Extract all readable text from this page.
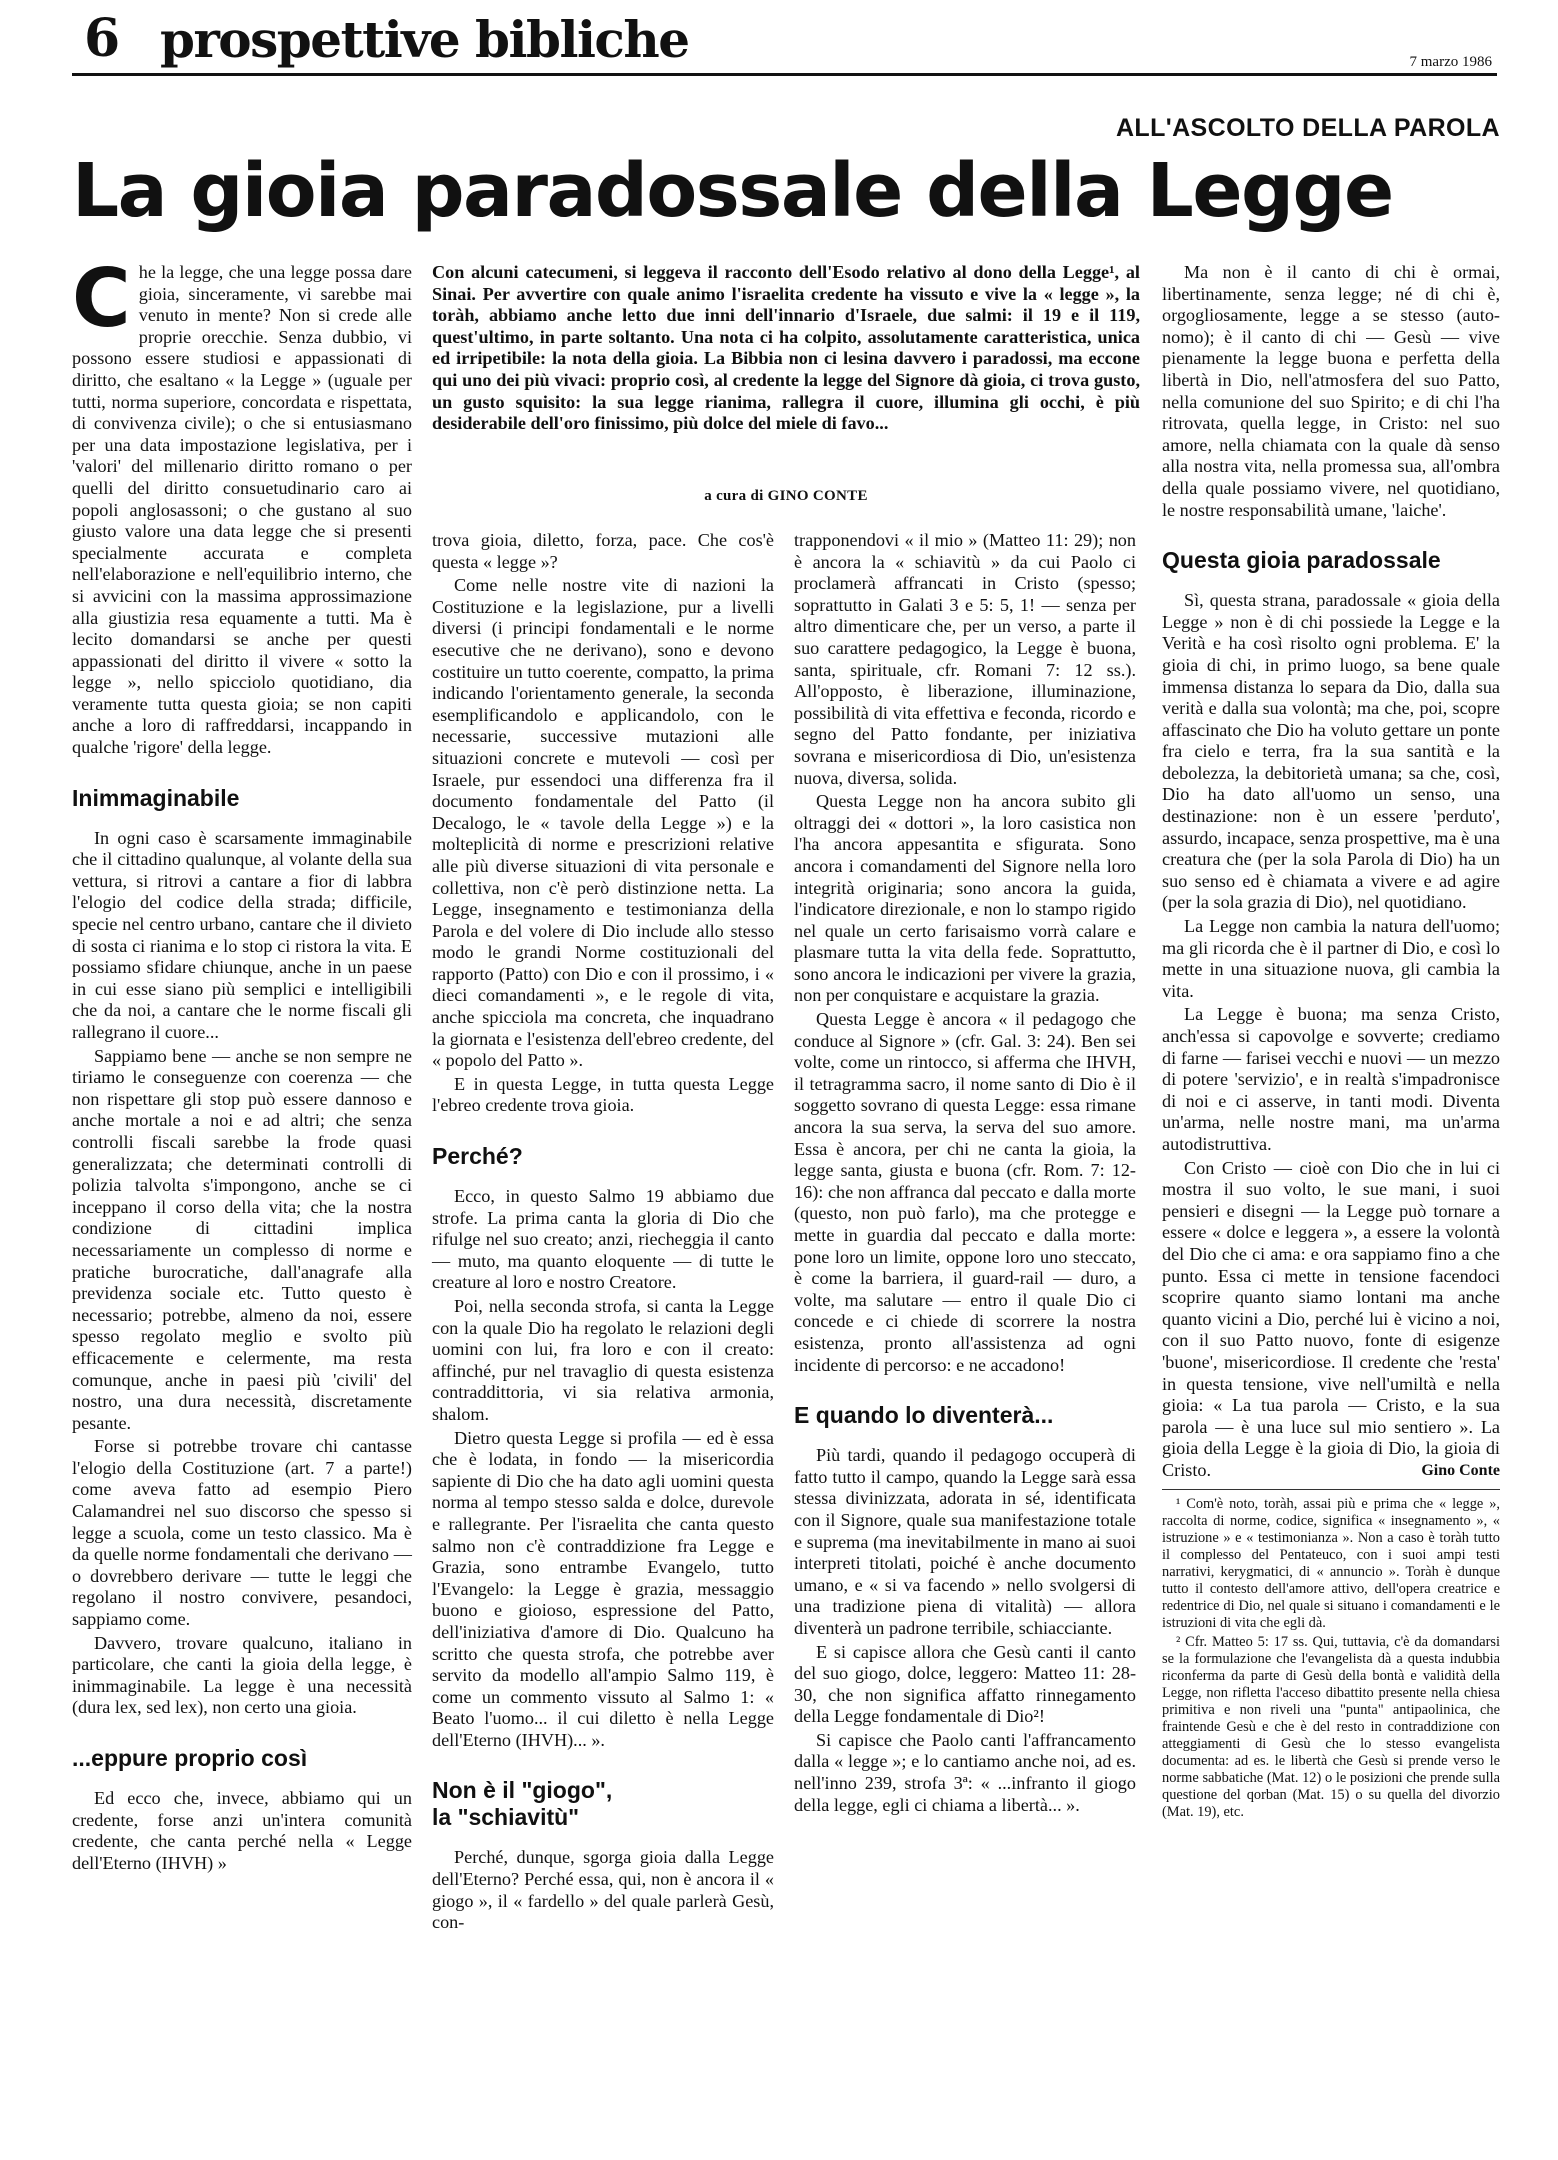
6 prospettive bibliche	7 marzo 1986
ALL'ASCOLTO DELLA PAROLA
La gioia paradossale della Legge

Che la legge, che una legge possa dare gioia, sinceramente, vi sarebbe mai venuto in mente? Non si crede alle proprie orecchie. Senza dubbio, vi possono essere studiosi e appassionati di diritto, che esaltano « la Legge » (uguale per tutti, norma superiore, concordata e rispettata, di convivenza civile); o che si entusiasmano per una data impostazione legislativa, per i 'valori' del millenario diritto romano o per quelli del diritto consuetudinario caro ai popoli anglosassoni; o che gustano al suo giusto valore una data legge che si presenti specialmente accurata e completa nell'elaborazione e nell'equilibrio interno, che si avvicini con la massima approssimazione alla giustizia resa equamente a tutti. Ma è lecito domandarsi se anche per questi appassionati del diritto il vivere « sotto la legge », nello spicciolo quotidiano, dia veramente tutta questa gioia; se non capiti anche a loro di raffreddarsi, incappando in qualche 'rigore' della legge.

Inimmaginabile

In ogni caso è scarsamente immaginabile che il cittadino qualunque, al volante della sua vettura, si ritrovi a cantare a fior di labbra l'elogio del codice della strada; difficile, specie nel centro urbano, cantare che il divieto di sosta ci rianima e lo stop ci ristora la vita. E possiamo sfidare chiunque, anche in un paese in cui esse siano più semplici e intelligibili che da noi, a cantare che le norme fiscali gli rallegrano il cuore...

Sappiamo bene — anche se non sempre ne tiriamo le conseguenze con coerenza — che non rispettare gli stop può essere dannoso e anche mortale a noi e ad altri; che senza controlli fiscali sarebbe la frode quasi generalizzata; che determinati controlli di polizia talvolta s'impongono, anche se ci inceppano il corso della vita; che la nostra condizione di cittadini implica necessariamente un complesso di norme e pratiche burocratiche, dall'anagrafe alla previdenza sociale etc. Tutto questo è necessario; potrebbe, almeno da noi, essere spesso regolato meglio e svolto più efficacemente e celermente, ma resta comunque, anche in paesi più 'civili' del nostro, una dura necessità, discretamente pesante.

Forse si potrebbe trovare chi cantasse l'elogio della Costituzione (art. 7 a parte!) come aveva fatto ad esempio Piero Calamandrei nel suo discorso che spesso si legge a scuola, come un testo classico. Ma è da quelle norme fondamentali che derivano — o dovrebbero derivare — tutte le leggi che regolano il nostro convivere, pesandoci, sappiamo come.

Davvero, trovare qualcuno, italiano in particolare, che canti la gioia della legge, è inimmaginabile. La legge è una necessità (dura lex, sed lex), non certo una gioia.

...eppure proprio così

Ed ecco che, invece, abbiamo qui un credente, forse anzi un'intera comunità credente, che canta perché nella « Legge dell'Eterno (IHVH) »

Con alcuni catecumeni, si leggeva il racconto dell'Esodo relativo al dono della Legge¹, al Sinai. Per avvertire con quale animo l'israelita credente ha vissuto e vive la « legge », la toràh, abbiamo anche letto due inni dell'innario d'Israele, due salmi: il 19 e il 119, quest'ultimo, in parte soltanto. Una nota ci ha colpito, assolutamente caratteristica, unica ed irripetibile: la nota della gioia. La Bibbia non ci lesina davvero i paradossi, ma eccone qui uno dei più vivaci: proprio così, al credente la legge del Signore dà gioia, ci trova gusto, un gusto squisito: la sua legge rianima, rallegra il cuore, illumina gli occhi, è più desiderabile dell'oro finissimo, più dolce del miele di favo...

a cura di GINO CONTE

trova gioia, diletto, forza, pace. Che cos'è questa « legge »?

Come nelle nostre vite di nazioni la Costituzione e la legislazione, pur a livelli diversi (i principi fondamentali e le norme esecutive che ne derivano), sono e devono costituire un tutto coerente, compatto, la prima indicando l'orientamento generale, la seconda esemplificandolo e applicandolo, con le necessarie, successive mutazioni alle situazioni concrete e mutevoli — così per Israele, pur essendoci una differenza fra il documento fondamentale del Patto (il Decalogo, le « tavole della Legge ») e la molteplicità di norme e prescrizioni relative alle più diverse situazioni di vita personale e collettiva, non c'è però distinzione netta. La Legge, insegnamento e testimonianza della Parola e del volere di Dio include allo stesso modo le grandi Norme costituzionali del rapporto (Patto) con Dio e con il prossimo, i « dieci comandamenti », e le regole di vita, anche spicciola ma concreta, che inquadrano la giornata e l'esistenza dell'ebreo credente, del « popolo del Patto ».

E in questa Legge, in tutta questa Legge l'ebreo credente trova gioia.

Perché?

Ecco, in questo Salmo 19 abbiamo due strofe. La prima canta la gloria di Dio che rifulge nel suo creato; anzi, riecheggia il canto — muto, ma quanto eloquente — di tutte le creature al loro e nostro Creatore.

Poi, nella seconda strofa, si canta la Legge con la quale Dio ha regolato le relazioni degli uomini con lui, fra loro e con il creato: affinché, pur nel travaglio di questa esistenza contraddittoria, vi sia relativa armonia, shalom.

Dietro questa Legge si profila — ed è essa che è lodata, in fondo — la misericordia sapiente di Dio che ha dato agli uomini questa norma al tempo stesso salda e dolce, durevole e rallegrante. Per l'israelita che canta questo salmo non c'è contraddizione fra Legge e Grazia, sono entrambe Evangelo, tutto l'Evangelo: la Legge è grazia, messaggio buono e gioioso, espressione del Patto, dell'iniziativa d'amore di Dio. Qualcuno ha scritto che questa strofa, che potrebbe aver servito da modello all'ampio Salmo 119, è come un commento vissuto al Salmo 1: « Beato l'uomo... il cui diletto è nella Legge dell'Eterno (IHVH)... ».

Non è il "giogo",
la "schiavitù"

Perché, dunque, sgorga gioia dalla Legge dell'Eterno? Perché essa, qui, non è ancora il « giogo », il « fardello » del quale parlerà Gesù, con-

trapponendovi « il mio » (Matteo 11: 29); non è ancora la « schiavitù » da cui Paolo ci proclamerà affrancati in Cristo (spesso; soprattutto in Galati 3 e 5: 5, 1! — senza per altro dimenticare che, per un verso, a parte il suo carattere pedagogico, la Legge è buona, santa, spirituale, cfr. Romani 7: 12 ss.). All'opposto, è liberazione, illuminazione, possibilità di vita effettiva e feconda, ricordo e segno del Patto fondante, per iniziativa sovrana e misericordiosa di Dio, un'esistenza nuova, diversa, solida.

Questa Legge non ha ancora subito gli oltraggi dei « dottori », la loro casistica non l'ha ancora appesantita e sfigurata. Sono ancora i comandamenti del Signore nella loro integrità originaria; sono ancora la guida, l'indicatore direzionale, e non lo stampo rigido nel quale un certo farisaismo vorrà calare e plasmare tutta la vita della fede. Soprattutto, sono ancora le indicazioni per vivere la grazia, non per conquistare e acquistare la grazia.

Questa Legge è ancora « il pedagogo che conduce al Signore » (cfr. Gal. 3: 24). Ben sei volte, come un rintocco, si afferma che IHVH, il tetragramma sacro, il nome santo di Dio è il soggetto sovrano di questa Legge: essa rimane ancora la sua serva, la serva del suo amore. Essa è ancora, per chi ne canta la gioia, la legge santa, giusta e buona (cfr. Rom. 7: 12-16): che non affranca dal peccato e dalla morte (questo, non può farlo), ma che protegge e mette in guardia dal peccato e dalla morte: pone loro un limite, oppone loro uno steccato, è come la barriera, il guard-rail — duro, a volte, ma salutare — entro il quale Dio ci concede e ci chiede di scorrere la nostra esistenza, pronto all'assistenza ad ogni incidente di percorso: e ne accadono!

E quando lo diventerà...

Più tardi, quando il pedagogo occuperà di fatto tutto il campo, quando la Legge sarà essa stessa divinizzata, adorata in sé, identificata con il Signore, quale sua manifestazione totale e suprema (ma inevitabilmente in mano ai suoi interpreti titolati, poiché è anche documento umano, e « si va facendo » nello svolgersi di una tradizione piena di vitalità) — allora diventerà un padrone terribile, schiacciante.

E si capisce allora che Gesù canti il canto del suo giogo, dolce, leggero: Matteo 11: 28-30, che non significa affatto rinnegamento della Legge fondamentale di Dio²!

Si capisce che Paolo canti l'affrancamento dalla « legge »; e lo cantiamo anche noi, ad es. nell'inno 239, strofa 3ª: « ...infranto il giogo della legge, egli ci chiama a libertà... ».

Ma non è il canto di chi è ormai, libertinamente, senza legge; né di chi è, orgogliosamente, legge a se stesso (auto-nomo); è il canto di chi — Gesù — vive pienamente la legge buona e perfetta della libertà in Dio, nell'atmosfera del suo Patto, nella comunione del suo Spirito; e di chi l'ha ritrovata, quella legge, in Cristo: nel suo amore, nella chiamata con la quale dà senso alla nostra vita, nella promessa sua, all'ombra della quale possiamo vivere, nel quotidiano, le nostre responsabilità umane, 'laiche'.

Questa gioia paradossale

Sì, questa strana, paradossale « gioia della Legge » non è di chi possiede la Legge e la Verità e ha così risolto ogni problema. E' la gioia di chi, in primo luogo, sa bene quale immensa distanza lo separa da Dio, dalla sua verità e dalla sua volontà; ma che, poi, scopre affascinato che Dio ha voluto gettare un ponte fra cielo e terra, fra la sua santità e la debolezza, la debitorietà umana; sa che, così, Dio ha dato all'uomo un senso, una destinazione: non è un essere 'perduto', assurdo, incapace, senza prospettive, ma è una creatura che (per la sola Parola di Dio) ha un suo senso ed è chiamata a vivere e ad agire (per la sola grazia di Dio), nel quotidiano.

La Legge non cambia la natura dell'uomo; ma gli ricorda che è il partner di Dio, e così lo mette in una situazione nuova, gli cambia la vita.

La Legge è buona; ma senza Cristo, anch'essa si capovolge e sovverte; crediamo di farne — farisei vecchi e nuovi — un mezzo di potere 'servizio', e in realtà s'impadronisce di noi e ci asserve, in tanti modi. Diventa un'arma, nelle nostre mani, ma un'arma autodistruttiva.

Con Cristo — cioè con Dio che in lui ci mostra il suo volto, le sue mani, i suoi pensieri e disegni — la Legge può tornare a essere « dolce e leggera », a essere la volontà del Dio che ci ama: e ora sappiamo fino a che punto. Essa ci mette in tensione facendoci scoprire quanto siamo lontani ma anche quanto vicini a Dio, perché lui è vicino a noi, con il suo Patto nuovo, fonte di esigenze 'buone', misericordiose. Il credente che 'resta' in questa tensione, vive nell'umiltà e nella gioia: « La tua parola — Cristo, e la sua parola — è una luce sul mio sentiero ». La gioia della Legge è la gioia di Dio, la gioia di Cristo.	Gino Conte

¹ Com'è noto, toràh, assai più e prima che « legge », raccolta di norme, codice, significa « insegnamento », « istruzione » e « testimonianza ». Non a caso è toràh tutto il complesso del Pentateuco, con i suoi ampi testi narrativi, kerygmatici, di « annuncio ». Toràh è dunque tutto il contesto dell'amore attivo, dell'opera creatrice e redentrice di Dio, nel quale si situano i comandamenti e le istruzioni di vita che egli dà.

² Cfr. Matteo 5: 17 ss. Qui, tuttavia, c'è da domandarsi se la formulazione che l'evangelista dà a questa indubbia riconferma da parte di Gesù della bontà e validità della Legge, non rifletta l'acceso dibattito presente nella chiesa primitiva e non riveli una "punta" antipaolinica, che fraintende Gesù e che è del resto in contraddizione con atteggiamenti di Gesù che lo stesso evangelista documenta: ad es. le libertà che Gesù si prende verso le norme sabbatiche (Mat. 12) o le posizioni che prende sulla questione del qorban (Mat. 15) o su quella del divorzio (Mat. 19), etc.
